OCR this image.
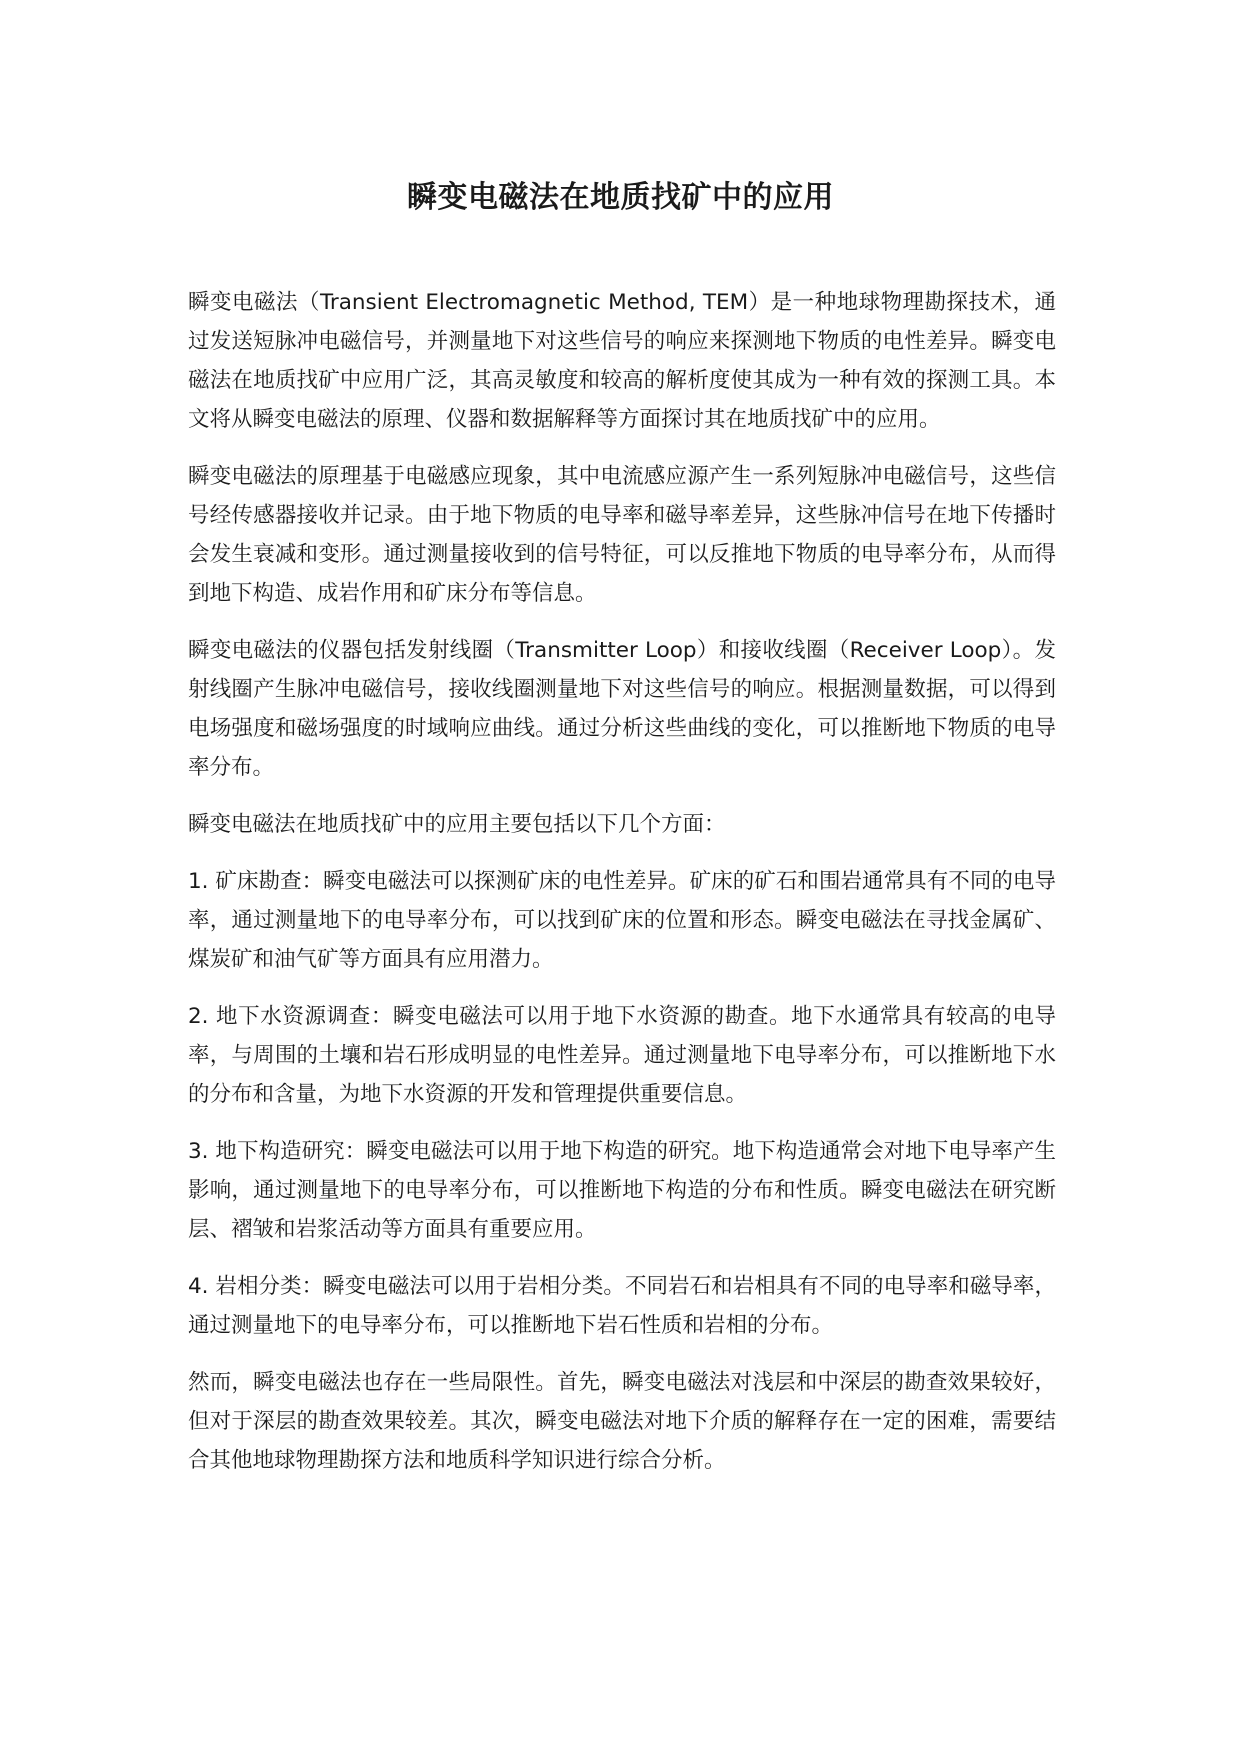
瞬变电磁法在地质找矿中的应用

瞬变电磁法（Transient Electromagnetic Method, TEM）是一种地球物理勘探技术，通过发送短脉冲电磁信号，并测量地下对这些信号的响应来探测地下物质的电性差异。瞬变电磁法在地质找矿中应用广泛，其高灵敏度和较高的解析度使其成为一种有效的探测工具。本文将从瞬变电磁法的原理、仪器和数据解释等方面探讨其在地质找矿中的应用。

瞬变电磁法的原理基于电磁感应现象，其中电流感应源产生一系列短脉冲电磁信号，这些信号经传感器接收并记录。由于地下物质的电导率和磁导率差异，这些脉冲信号在地下传播时会发生衰减和变形。通过测量接收到的信号特征，可以反推地下物质的电导率分布，从而得到地下构造、成岩作用和矿床分布等信息。

瞬变电磁法的仪器包括发射线圈（Transmitter Loop）和接收线圈（Receiver Loop）。发射线圈产生脉冲电磁信号，接收线圈测量地下对这些信号的响应。根据测量数据，可以得到电场强度和磁场强度的时域响应曲线。通过分析这些曲线的变化，可以推断地下物质的电导率分布。

瞬变电磁法在地质找矿中的应用主要包括以下几个方面：

1. 矿床勘查：瞬变电磁法可以探测矿床的电性差异。矿床的矿石和围岩通常具有不同的电导率，通过测量地下的电导率分布，可以找到矿床的位置和形态。瞬变电磁法在寻找金属矿、煤炭矿和油气矿等方面具有应用潜力。

2. 地下水资源调查：瞬变电磁法可以用于地下水资源的勘查。地下水通常具有较高的电导率，与周围的土壤和岩石形成明显的电性差异。通过测量地下电导率分布，可以推断地下水的分布和含量，为地下水资源的开发和管理提供重要信息。

3. 地下构造研究：瞬变电磁法可以用于地下构造的研究。地下构造通常会对地下电导率产生影响，通过测量地下的电导率分布，可以推断地下构造的分布和性质。瞬变电磁法在研究断层、褶皱和岩浆活动等方面具有重要应用。

4. 岩相分类：瞬变电磁法可以用于岩相分类。不同岩石和岩相具有不同的电导率和磁导率，通过测量地下的电导率分布，可以推断地下岩石性质和岩相的分布。

然而，瞬变电磁法也存在一些局限性。首先，瞬变电磁法对浅层和中深层的勘查效果较好，但对于深层的勘查效果较差。其次，瞬变电磁法对地下介质的解释存在一定的困难，需要结合其他地球物理勘探方法和地质科学知识进行综合分析。
